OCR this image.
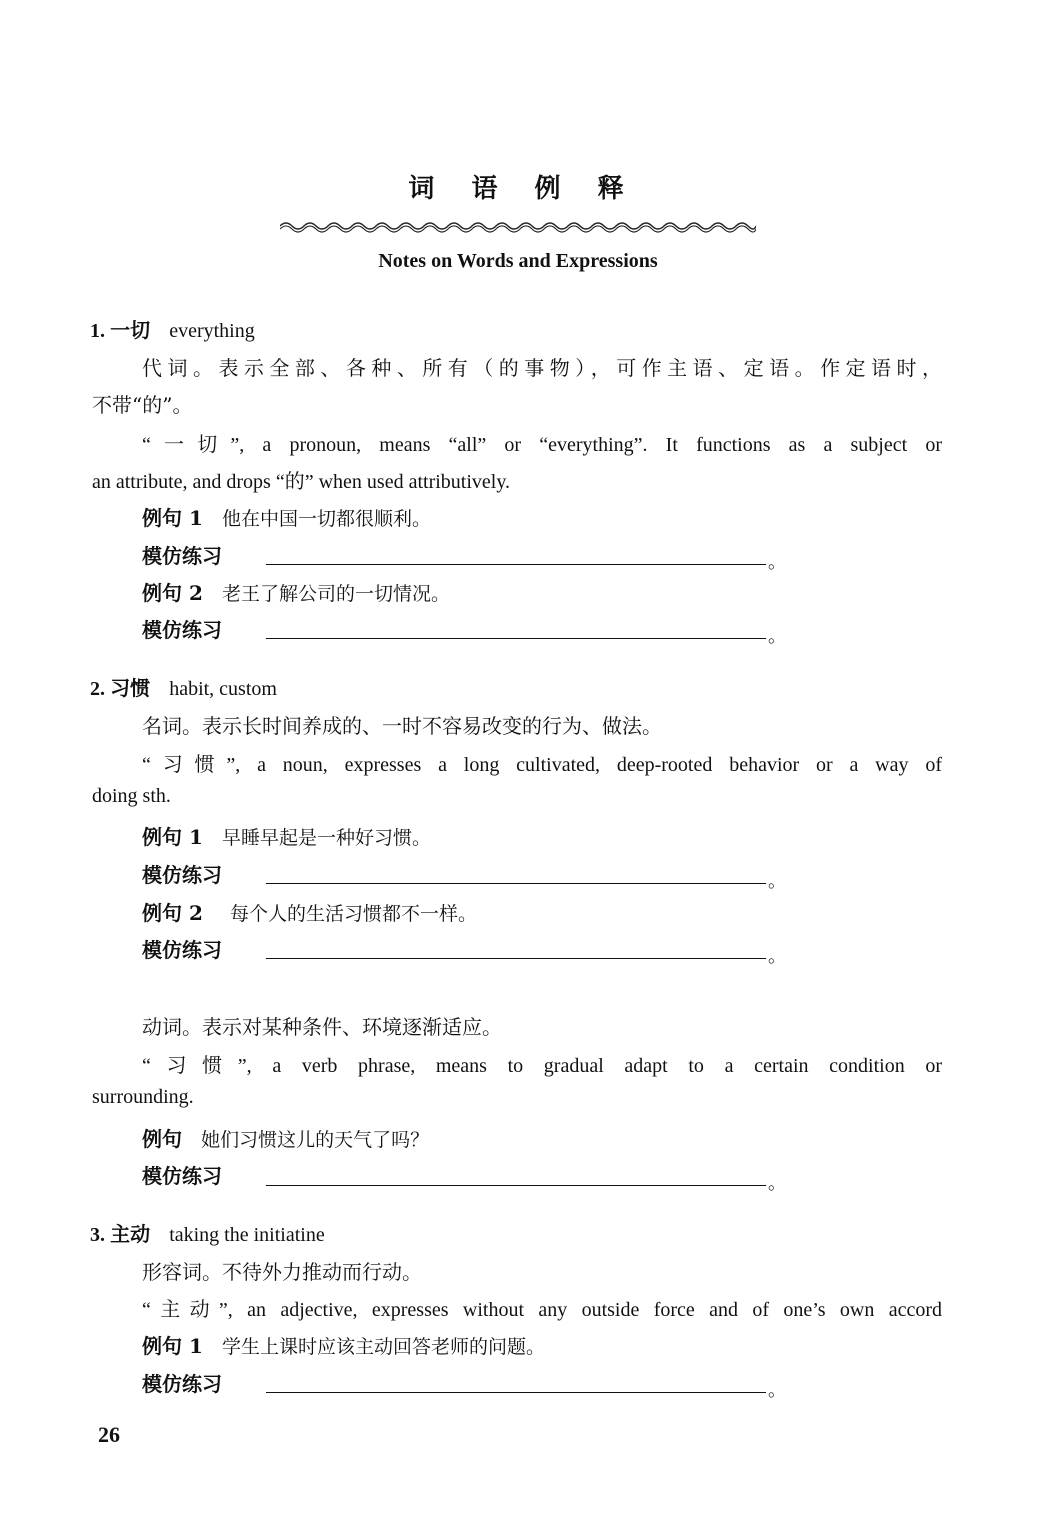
词 语 例 释
Notes on Words and Expressions
1. 一切 everything
代词。表示全部、各种、所有（的事物），可作主语、定语。作定语时，
不带“的”。
“一切”, a pronoun, means “all” or “everything”. It functions as a subject or
an attribute, and drops “的” when used attributively.
例句 1 他在中国一切都很顺利。
模仿练习	。
例句 2 老王了解公司的一切情况。
模仿练习	。
2. 习惯 habit, custom
名词。表示长时间养成的、一时不容易改变的行为、做法。
“习惯”, a noun, expresses a long cultivated, deep-rooted behavior or a way of
doing sth.
例句 1 早睡早起是一种好习惯。
模仿练习	。
例句 2 每个人的生活习惯都不一样。
模仿练习	。
动词。表示对某种条件、环境逐渐适应。
“习惯”, a verb phrase, means to gradual adapt to a certain condition or
surrounding.
例句 她们习惯这儿的天气了吗？
模仿练习	。
3. 主动 taking the initiatine
形容词。不待外力推动而行动。
“主动”, an adjective, expresses without any outside force and of one’s own accord
例句 1 学生上课时应该主动回答老师的问题。
模仿练习	。
26
